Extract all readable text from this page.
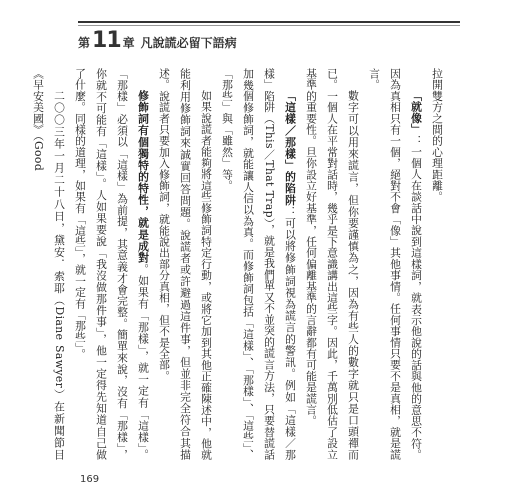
第 11 章 凡說謊必留下語病

拉開雙方之間的心理距離。

「就像」：一個人在談話中說到這樣詞，就表示他說的話與他的意思不符。因為真相只有一個，絕對不會「像」其他事情。任何事情只要不是真相，就是謊言。

數字可以用來謊言，但你要謹慎為之，因為有些人的數字就只是口頭禪而已。一個人在平常對話時，幾乎是下意識講出這些字。因此，千萬別低估了設立基準的重要性。旦你設立好基準，任何偏離基準的言辭都有可能是謊言。

「這樣／那樣」的陷阱：可以將修飾詞視為謊言的警訊。例如「這樣／那樣」陷阱（This／That Trap），就是我們單又不並突的謊言方法，只要替謊話加幾個修飾詞，就能讓人信以為真。而修飾詞包括「這樣」、「那樣」、「這些」、「那些」與「雖然」等。

如果說謊者能夠將這些修飾詞特定行動，或將它加到其他正確陳述中，他就能利用修飾詞來誠實回答問題。說謊者或許避過這件事，但並非完全符合其描述。說謊者只要加入修飾詞，就能說出部分真相，但不是全部。

修飾詞有個獨特的特性，就是成對。如果有「那樣」，就一定有「這樣」。「那樣」必須以「這樣」為前提，其意義才會完整。簡單來說，沒有「那樣」，你就不可能有「這樣」。人如果要說「我沒做那件事」，他一定得先知道自己做了什麼。同樣的道理，如果有「這些」，就一定有「那些」。

二〇〇三年一月二十八日，黛安．索耶（Diane Sawyer）在新聞節目《早安美國》（Good

169
